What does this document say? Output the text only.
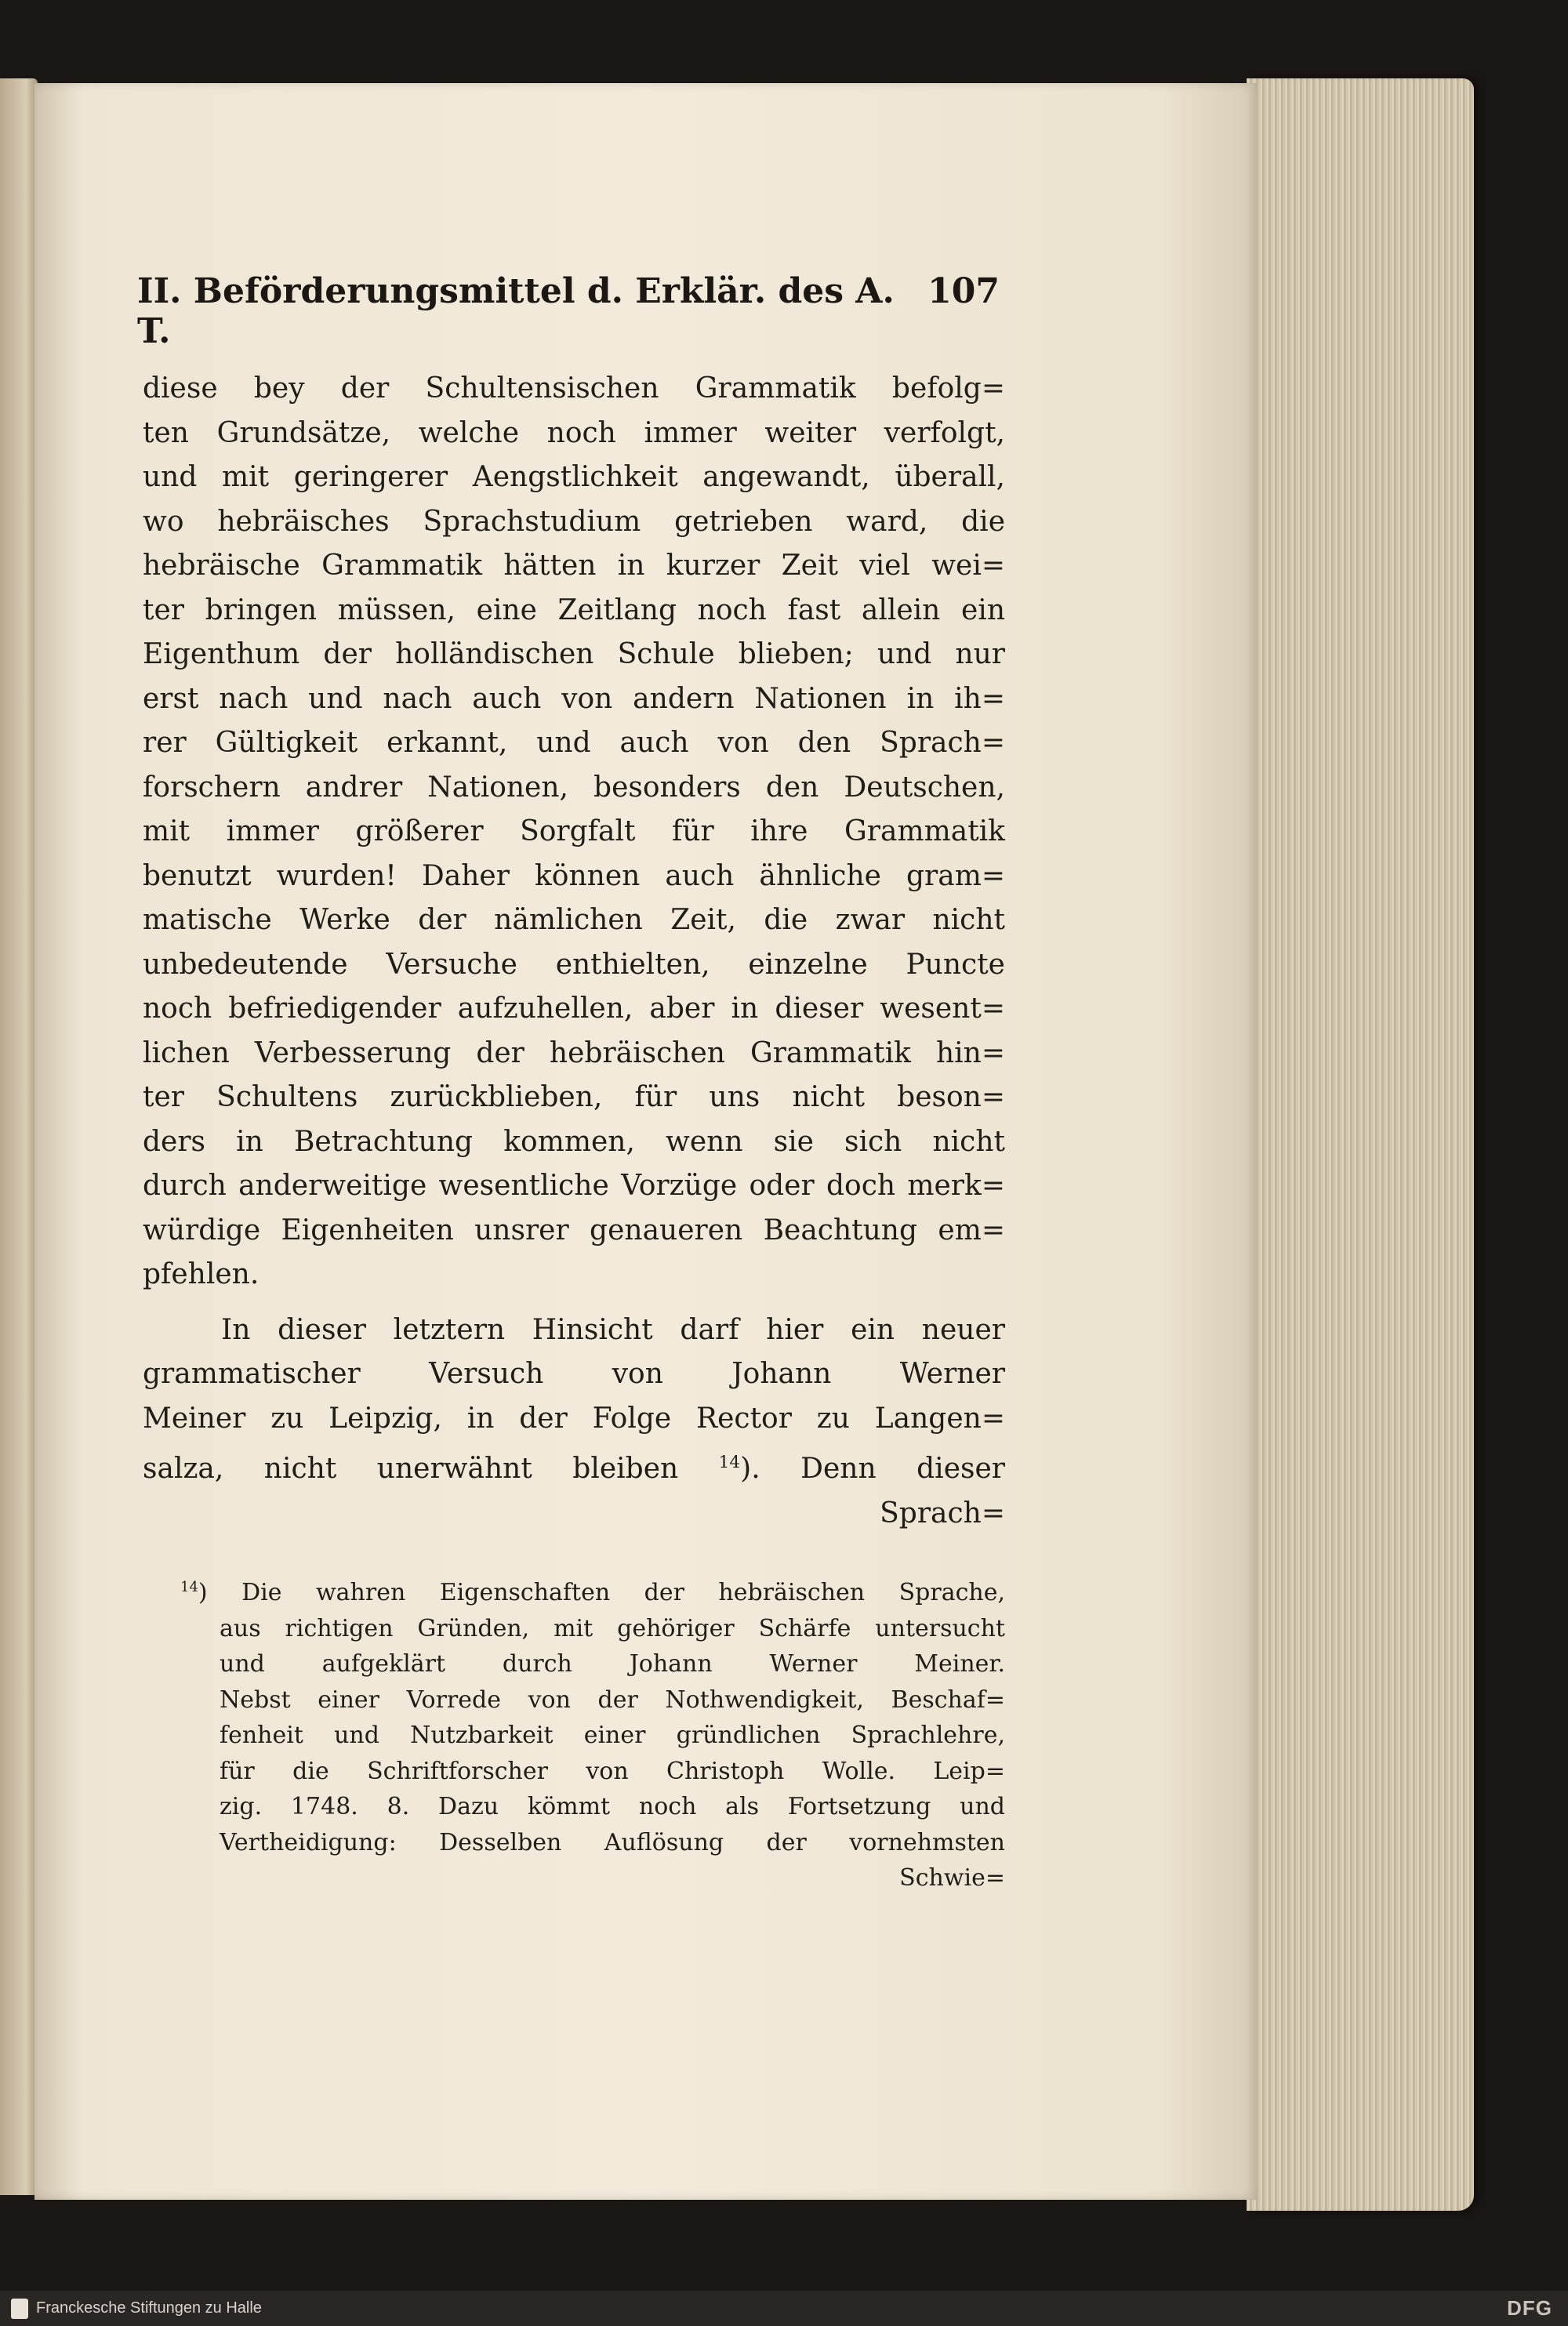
II. Beförderungsmittel d. Erklär. des A. T.
107
diese bey der Schultensischen Grammatik befolg=
ten Grundsätze, welche noch immer weiter verfolgt,
und mit geringerer Aengstlichkeit angewandt, überall,
wo hebräisches Sprachstudium getrieben ward, die
hebräische Grammatik hätten in kurzer Zeit viel wei=
ter bringen müssen, eine Zeitlang noch fast allein ein
Eigenthum der holländischen Schule blieben; und nur
erst nach und nach auch von andern Nationen in ih=
rer Gültigkeit erkannt, und auch von den Sprach=
forschern andrer Nationen, besonders den Deutschen,
mit immer größerer Sorgfalt für ihre Grammatik
benutzt wurden! Daher können auch ähnliche gram=
matische Werke der nämlichen Zeit, die zwar nicht
unbedeutende Versuche enthielten, einzelne Puncte
noch befriedigender aufzuhellen, aber in dieser wesent=
lichen Verbesserung der hebräischen Grammatik hin=
ter Schultens zurückblieben, für uns nicht beson=
ders in Betrachtung kommen, wenn sie sich nicht
durch anderweitige wesentliche Vorzüge oder doch merk=
würdige Eigenheiten unsrer genaueren Beachtung em=
pfehlen.
In dieser letztern Hinsicht darf hier ein neuer
grammatischer Versuch von Johann Werner
Meiner zu Leipzig, in der Folge Rector zu Langen=
salza, nicht unerwähnt bleiben $^{14}$). Denn dieser
Sprach=
$^{14}$) Die wahren Eigenschaften der hebräischen Sprache,
aus richtigen Gründen, mit gehöriger Schärfe untersucht
und aufgeklärt durch Johann Werner Meiner.
Nebst einer Vorrede von der Nothwendigkeit, Beschaf=
fenheit und Nutzbarkeit einer gründlichen Sprachlehre,
für die Schriftforscher von Christoph Wolle. Leip=
zig. 1748. 8. Dazu kömmt noch als Fortsetzung und
Vertheidigung: Desselben Auflösung der vornehmsten
Schwie=
Franckesche Stiftungen zu Halle	DFG
